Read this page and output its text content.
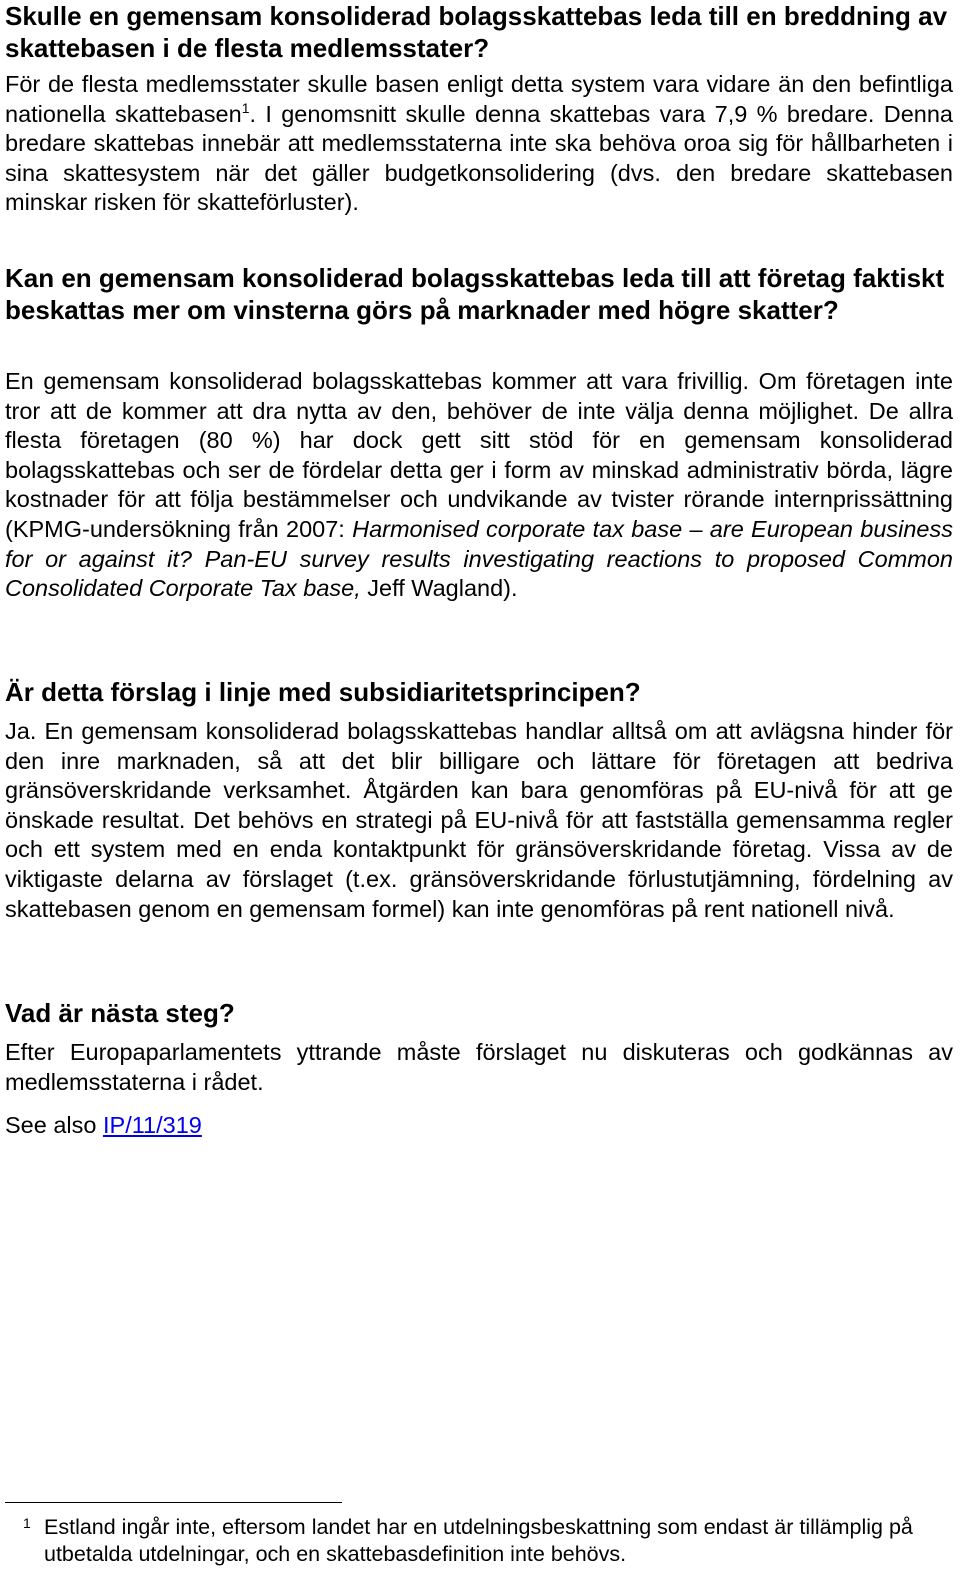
Skulle en gemensam konsoliderad bolagsskattebas leda till en breddning av skattebasen i de flesta medlemsstater?

För de flesta medlemsstater skulle basen enligt detta system vara vidare än den befintliga nationella skattebasen$^1$. I genomsnitt skulle denna skattebas vara 7,9 % bredare. Denna bredare skattebas innebär att medlemsstaterna inte ska behöva oroa sig för hållbarheten i sina skattesystem när det gäller budgetkonsolidering (dvs. den bredare skattebasen minskar risken för skatteförluster).

Kan en gemensam konsoliderad bolagsskattebas leda till att företag faktiskt beskattas mer om vinsterna görs på marknader med högre skatter?

En gemensam konsoliderad bolagsskattebas kommer att vara frivillig. Om företagen inte tror att de kommer att dra nytta av den, behöver de inte välja denna möjlighet. De allra flesta företagen (80 %) har dock gett sitt stöd för en gemensam konsoliderad bolagsskattebas och ser de fördelar detta ger i form av minskad administrativ börda, lägre kostnader för att följa bestämmelser och undvikande av tvister rörande internprissättning (KPMG-undersökning från 2007: Harmonised corporate tax base – are European business for or against it? Pan-EU survey results investigating reactions to proposed Common Consolidated Corporate Tax base, Jeff Wagland).

Är detta förslag i linje med subsidiaritetsprincipen?

Ja. En gemensam konsoliderad bolagsskattebas handlar alltså om att avlägsna hinder för den inre marknaden, så att det blir billigare och lättare för företagen att bedriva gränsöverskridande verksamhet. Åtgärden kan bara genomföras på EU-nivå för att ge önskade resultat. Det behövs en strategi på EU-nivå för att fastställa gemensamma regler och ett system med en enda kontaktpunkt för gränsöverskridande företag. Vissa av de viktigaste delarna av förslaget (t.ex. gränsöverskridande förlustutjämning, fördelning av skattebasen genom en gemensam formel) kan inte genomföras på rent nationell nivå.

Vad är nästa steg?

Efter Europaparlamentets yttrande måste förslaget nu diskuteras och godkännas av medlemsstaterna i rådet.

See also IP/11/319

1 Estland ingår inte, eftersom landet har en utdelningsbeskattning som endast är tillämplig på utbetalda utdelningar, och en skattebasdefinition inte behövs.
